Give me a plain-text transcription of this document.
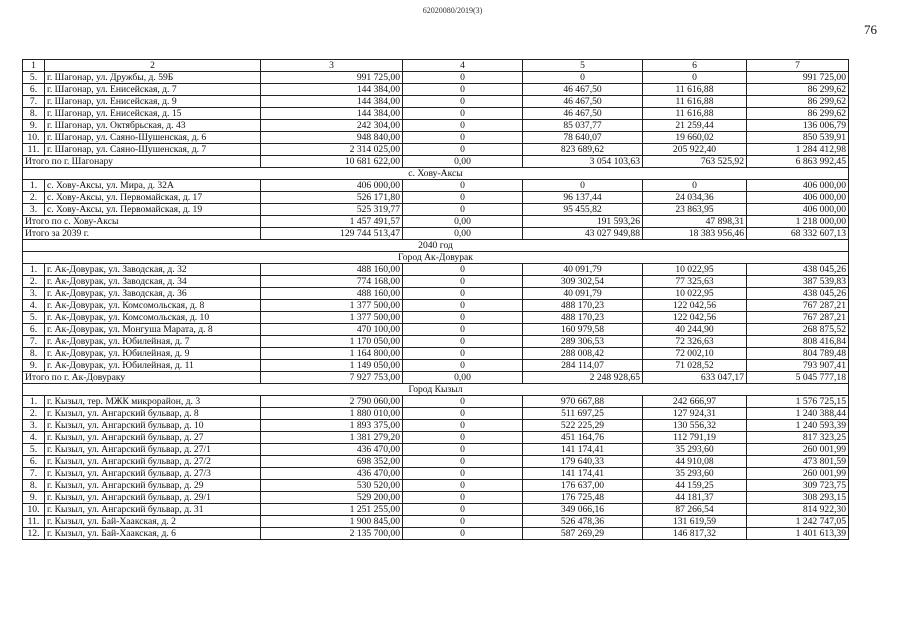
62020080/2019(3)
76
1	2	3	4	5	6	7
5.	г. Шагонар, ул. Дружбы, д. 59Б	991 725,00	0	0	0	991 725,00
6.	г. Шагонар, ул. Енисейская, д. 7	144 384,00	0	46 467,50	11 616,88	86 299,62
7.	г. Шагонар, ул. Енисейская, д. 9	144 384,00	0	46 467,50	11 616,88	86 299,62
8.	г. Шагонар, ул. Енисейская, д. 15	144 384,00	0	46 467,50	11 616,88	86 299,62
9.	г. Шагонар, ул. Октябрьская, д. 43	242 304,00	0	85 037,77	21 259,44	136 006,79
10.	г. Шагонар, ул. Саяно-Шушенская, д. 6	948 840,00	0	78 640,07	19 660,02	850 539,91
11.	г. Шагонар, ул. Саяно-Шушенская, д. 7	2 314 025,00	0	823 689,62	205 922,40	1 284 412,98
Итого по г. Шагонару		10 681 622,00	0,00	3 054 103,63	763 525,92	6 863 992,45
с. Хову-Аксы						
1.	с. Хову-Аксы, ул. Мира, д. 32А	406 000,00	0	0	0	406 000,00
2.	с. Хову-Аксы, ул. Первомайская, д. 17	526 171,80	0	96 137,44	24 034,36	406 000,00
3.	с. Хову-Аксы, ул. Первомайская, д. 19	525 319,77	0	95 455,82	23 863,95	406 000,00
Итого по с. Хову-Аксы		1 457 491,57	0,00	191 593,26	47 898,31	1 218 000,00
Итого за 2039 г.		129 744 513,47	0,00	43 027 949,88	18 383 956,46	68 332 607,13
2040 год						
Город Ак-Довурак						
1.	г. Ак-Довурак, ул. Заводская, д. 32	488 160,00	0	40 091,79	10 022,95	438 045,26
2.	г. Ак-Довурак, ул. Заводская, д. 34	774 168,00	0	309 302,54	77 325,63	387 539,83
3.	г. Ак-Довурак, ул. Заводская, д. 36	488 160,00	0	40 091,79	10 022,95	438 045,26
4.	г. Ак-Довурак, ул. Комсомольская, д. 8	1 377 500,00	0	488 170,23	122 042,56	767 287,21
5.	г. Ак-Довурак, ул. Комсомольская, д. 10	1 377 500,00	0	488 170,23	122 042,56	767 287,21
6.	г. Ак-Довурак, ул. Монгуша Марата, д. 8	470 100,00	0	160 979,58	40 244,90	268 875,52
7.	г. Ак-Довурак, ул. Юбилейная, д. 7	1 170 050,00	0	289 306,53	72 326,63	808 416,84
8.	г. Ак-Довурак, ул. Юбилейная, д. 9	1 164 800,00	0	288 008,42	72 002,10	804 789,48
9.	г. Ак-Довурак, ул. Юбилейная, д. 11	1 149 050,00	0	284 114,07	71 028,52	793 907,41
Итого по г. Ак-Довураку		7 927 753,00	0,00	2 248 928,65	633 047,17	5 045 777,18
Город Кызыл						
1.	г. Кызыл, тер. МЖК микрорайон, д. 3	2 790 060,00	0	970 667,88	242 666,97	1 576 725,15
2.	г. Кызыл, ул. Ангарский бульвар, д. 8	1 880 010,00	0	511 697,25	127 924,31	1 240 388,44
3.	г. Кызыл, ул. Ангарский бульвар, д. 10	1 893 375,00	0	522 225,29	130 556,32	1 240 593,39
4.	г. Кызыл, ул. Ангарский бульвар, д. 27	1 381 279,20	0	451 164,76	112 791,19	817 323,25
5.	г. Кызыл, ул. Ангарский бульвар, д. 27/1	436 470,00	0	141 174,41	35 293,60	260 001,99
6.	г. Кызыл, ул. Ангарский бульвар, д. 27/2	698 352,00	0	179 640,33	44 910,08	473 801,59
7.	г. Кызыл, ул. Ангарский бульвар, д. 27/3	436 470,00	0	141 174,41	35 293,60	260 001,99
8.	г. Кызыл, ул. Ангарский бульвар, д. 29	530 520,00	0	176 637,00	44 159,25	309 723,75
9.	г. Кызыл, ул. Ангарский бульвар, д. 29/1	529 200,00	0	176 725,48	44 181,37	308 293,15
10.	г. Кызыл, ул. Ангарский бульвар, д. 31	1 251 255,00	0	349 066,16	87 266,54	814 922,30
11.	г. Кызыл, ул. Бай-Хаакская, д. 2	1 900 845,00	0	526 478,36	131 619,59	1 242 747,05
12.	г. Кызыл, ул. Бай-Хаакская, д. 6	2 135 700,00	0	587 269,29	146 817,32	1 401 613,39
